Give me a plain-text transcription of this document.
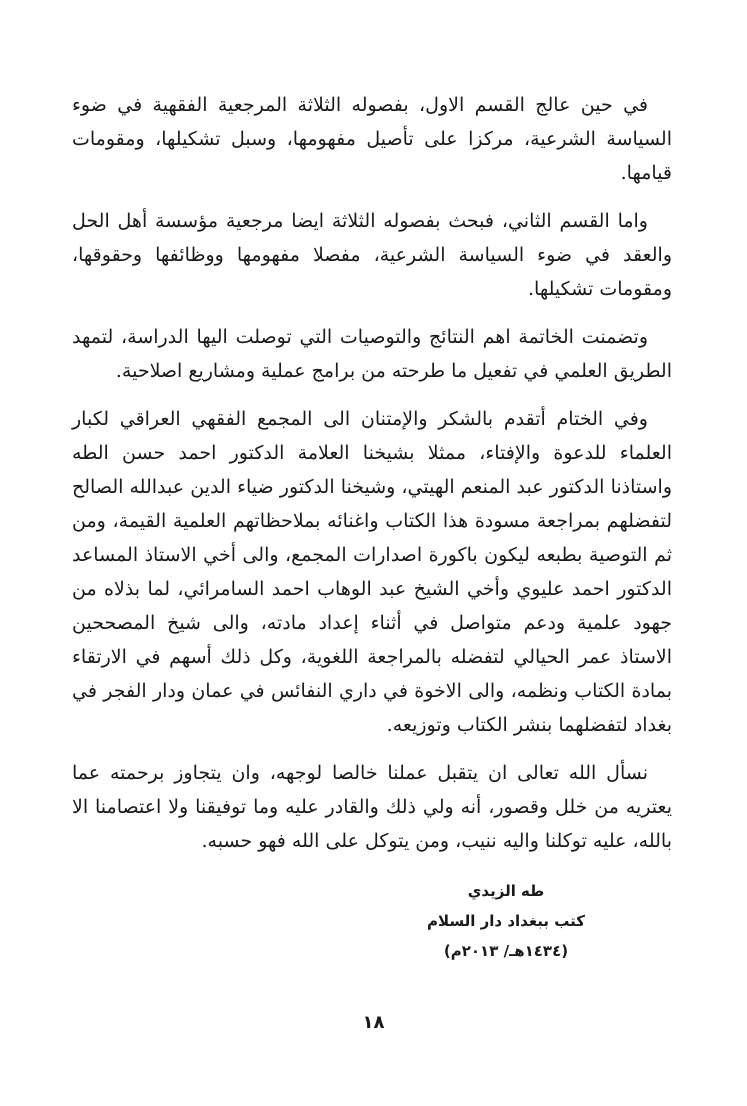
في حين عالج القسم الاول، بفصوله الثلاثة المرجعية الفقهية في ضوء السياسة الشرعية، مركزا على تأصيل مفهومها، وسبل تشكيلها، ومقومات قيامها.

واما القسم الثاني، فبحث بفصوله الثلاثة ايضا مرجعية مؤسسة أهل الحل والعقد في ضوء السياسة الشرعية، مفصلا مفهومها ووظائفها وحقوقها، ومقومات تشكيلها.

وتضمنت الخاتمة اهم النتائج والتوصيات التي توصلت اليها الدراسة، لتمهد الطريق العلمي في تفعيل ما طرحته من برامج عملية ومشاريع اصلاحية.

وفي الختام أتقدم بالشكر والإمتنان الى المجمع الفقهي العراقي لكبار العلماء للدعوة والإفتاء، ممثلا بشيخنا العلامة الدكتور احمد حسن الطه واستاذنا الدكتور عبد المنعم الهيتي، وشيخنا الدكتور ضياء الدين عبدالله الصالح لتفضلهم بمراجعة مسودة هذا الكتاب واغنائه بملاحظاتهم العلمية القيمة، ومن ثم التوصية بطبعه ليكون باكورة اصدارات المجمع، والى أخي الاستاذ المساعد الدكتور احمد عليوي وأخي الشيخ عبد الوهاب احمد السامرائي، لما بذلاه من جهود علمية ودعم متواصل في أثناء إعداد مادته، والى شيخ المصححين الاستاذ عمر الحيالي لتفضله بالمراجعة اللغوية، وكل ذلك أسهم في الارتقاء بمادة الكتاب ونظمه، والى الاخوة في داري النفائس في عمان ودار الفجر في بغداد لتفضلهما بنشر الكتاب وتوزيعه.

نسأل الله تعالى ان يتقبل عملنا خالصا لوجهه، وان يتجاوز برحمته عما يعتريه من خلل وقصور، أنه ولي ذلك والقادر عليه وما توفيقنا ولا اعتصامنا الا بالله، عليه توكلنا واليه ننيب، ومن يتوكل على الله فهو حسبه.

طه الزيدي
كتب ببغداد دار السلام
(١٤٣٤هـ/ ٢٠١٣م)
١٨
